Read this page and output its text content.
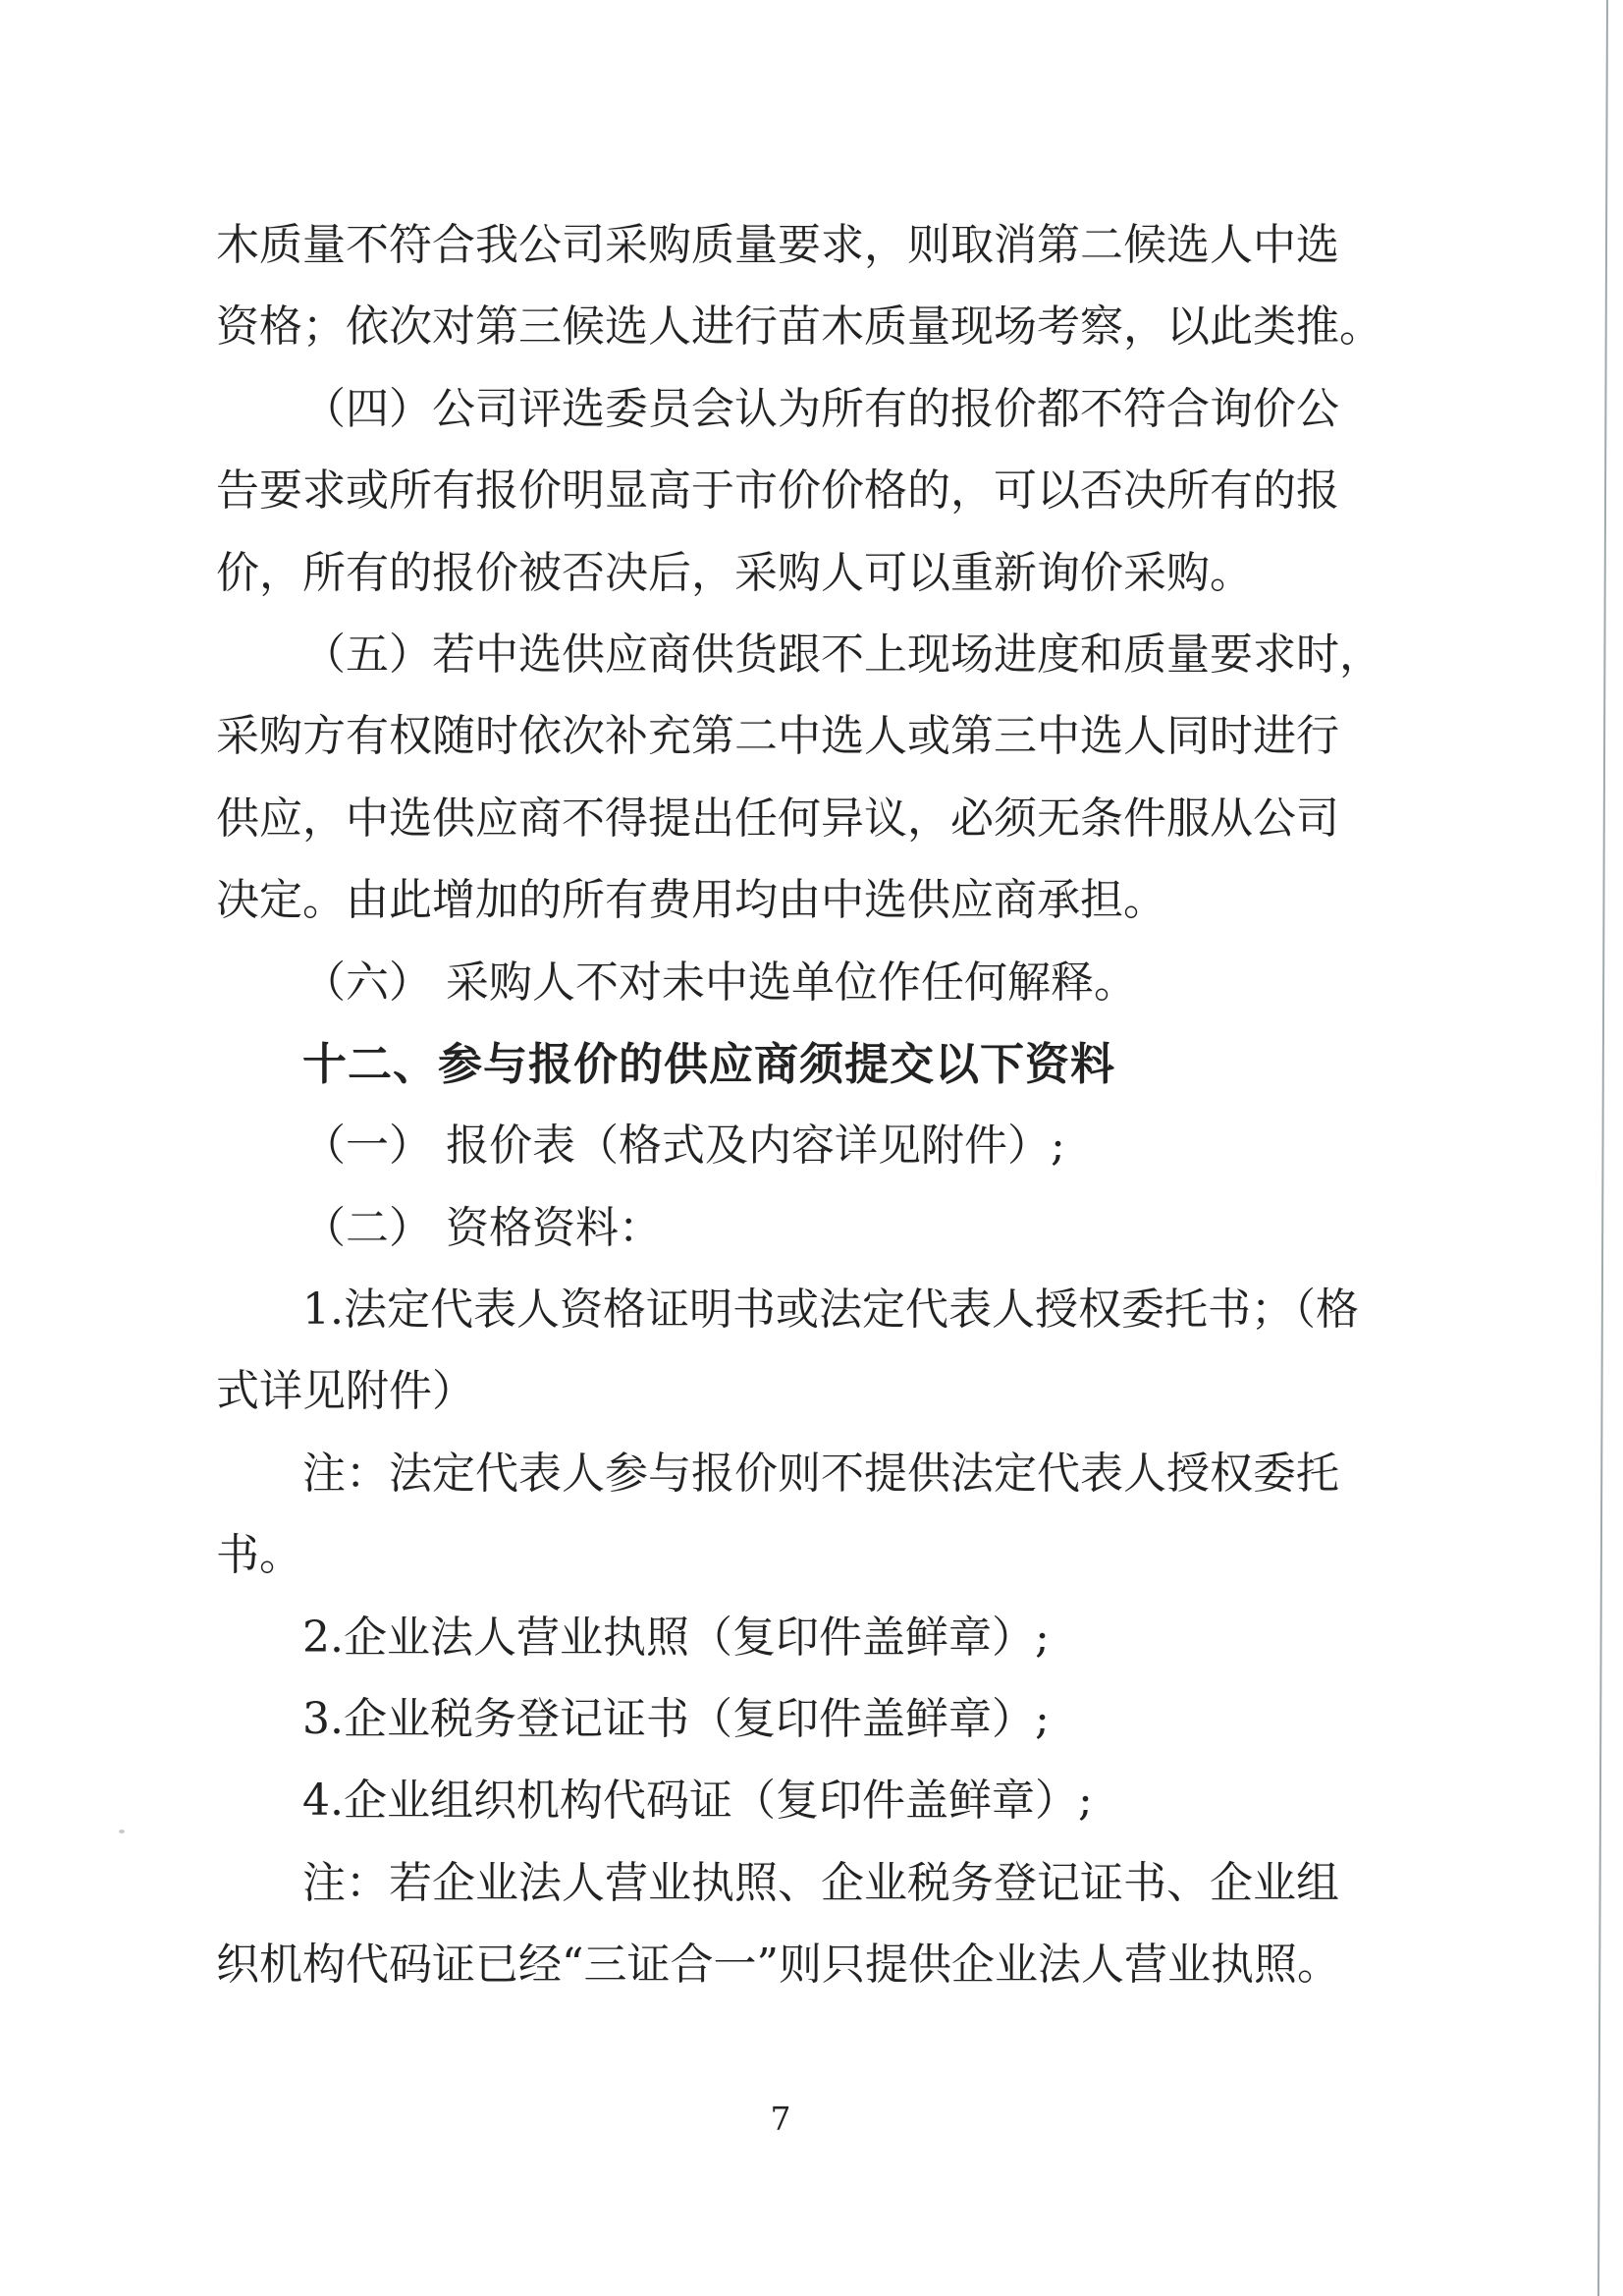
木质量不符合我公司采购质量要求，则取消第二候选人中选
资格；依次对第三候选人进行苗木质量现场考察，以此类推。
（四）公司评选委员会认为所有的报价都不符合询价公
告要求或所有报价明显高于市价价格的，可以否决所有的报
价，所有的报价被否决后，采购人可以重新询价采购。
（五）若中选供应商供货跟不上现场进度和质量要求时，
采购方有权随时依次补充第二中选人或第三中选人同时进行
供应，中选供应商不得提出任何异议，必须无条件服从公司
决定。由此增加的所有费用均由中选供应商承担。
（六） 采购人不对未中选单位作任何解释。
十二、参与报价的供应商须提交以下资料
（一） 报价表（格式及内容详见附件）;
（二） 资格资料：
1.法定代表人资格证明书或法定代表人授权委托书；（格
式详见附件）
注：法定代表人参与报价则不提供法定代表人授权委托
书。
2.企业法人营业执照（复印件盖鲜章）;
3.企业税务登记证书（复印件盖鲜章）;
4.企业组织机构代码证（复印件盖鲜章）;
注：若企业法人营业执照、企业税务登记证书、企业组
织机构代码证已经“三证合一”则只提供企业法人营业执照。
7
